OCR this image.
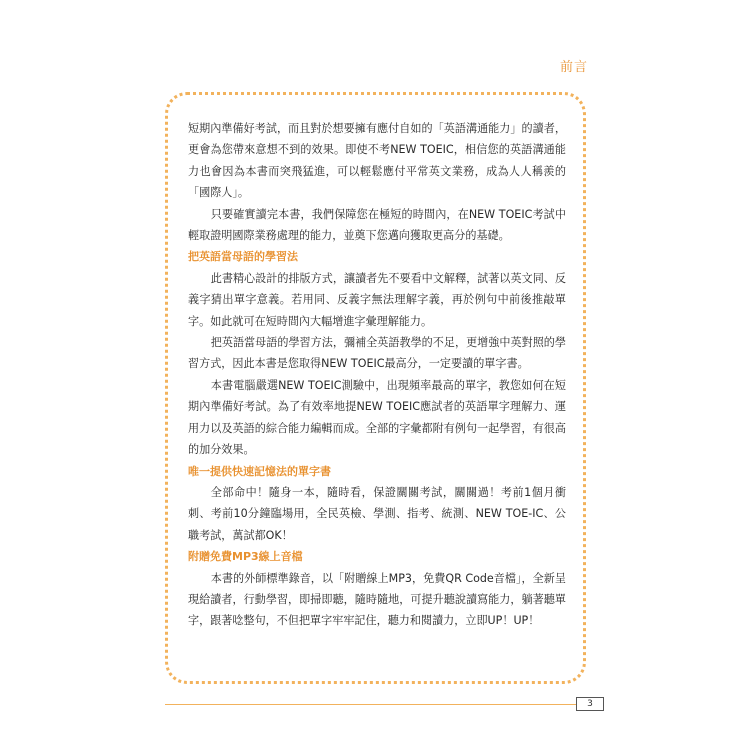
前言

短期內準備好考試，而且對於想要擁有應付自如的「英語溝通能力」的讀者，更會為您帶來意想不到的效果。即使不考NEW TOEIC，相信您的英語溝通能力也會因為本書而突飛猛進，可以輕鬆應付平常英文業務，成為人人稱羨的「國際人」。

只要確實讀完本書，我們保障您在極短的時間內，在NEW TOEIC考試中輕取證明國際業務處理的能力，並奠下您邁向獲取更高分的基礎。

把英語當母語的學習法

此書精心設計的排版方式，讓讀者先不要看中文解釋，試著以英文同、反義字猜出單字意義。若用同、反義字無法理解字義，再於例句中前後推敲單字。如此就可在短時間內大幅增進字彙理解能力。

把英語當母語的學習方法，彌補全英語教學的不足，更增強中英對照的學習方式，因此本書是您取得NEW TOEIC最高分，一定要讀的單字書。

本書電腦嚴選NEW TOEIC測驗中，出現頻率最高的單字，教您如何在短期內準備好考試。為了有效率地提NEW TOEIC應試者的英語單字理解力、運用力以及英語的綜合能力編輯而成。全部的字彙都附有例句一起學習，有很高的加分效果。

唯一提供快速記憶法的單字書

全部命中！隨身一本，隨時看，保證關關考試，關關過！考前1個月衝刺、考前10分鐘臨場用，全民英檢、學測、指考、統測、NEW TOE-IC、公職考試，萬試都OK！

附贈免費MP3線上音檔

本書的外師標準錄音，以「附贈線上MP3，免費QR Code音檔」，全新呈現給讀者，行動學習，即掃即聽，隨時隨地，可提升聽說讀寫能力，躺著聽單字，跟著唸整句，不但把單字牢牢記住，聽力和閱讀力，立即UP！UP！

3
